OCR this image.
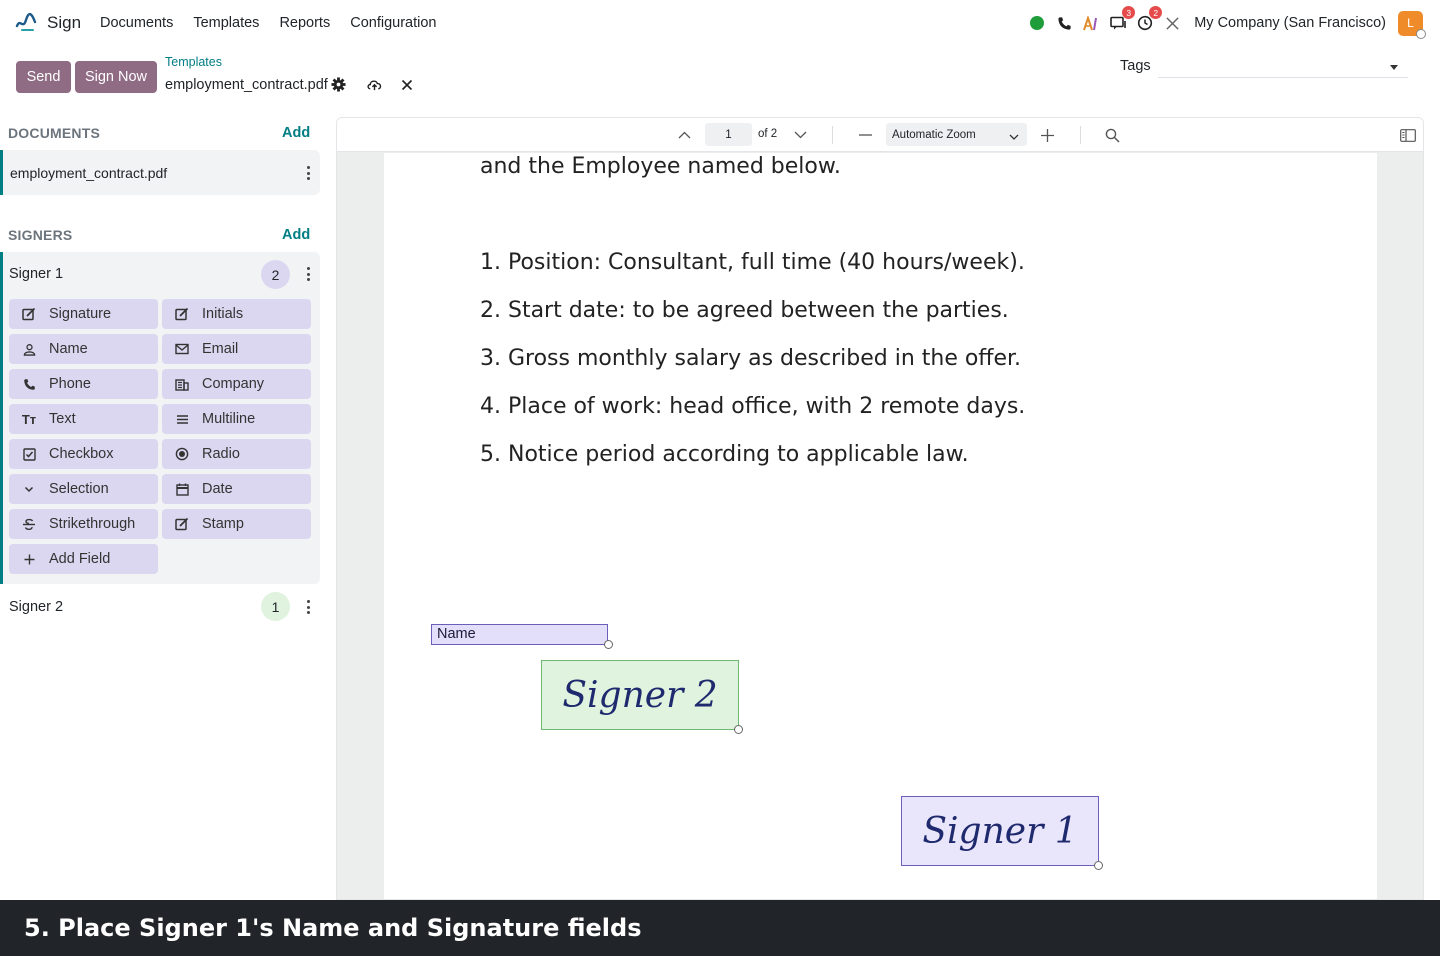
Sign Documents Templates Reports Configuration
3	2
My Company (San Francisco)	L
Send	Sign Now
Templates
employment_contract.pdf
Tags
DOCUMENTS	Add
employment_contract.pdf
SIGNERS	Add
Signer 1	2
Signature	Initials
Name	Email
Phone	Company
Tт Text	Multiline
Checkbox	Radio
Selection	Date
Strikethrough	Stamp
Add Field
Signer 2	1
1	of 2	Automatic Zoom
and the Employee named below.
1. Position: Consultant, full time (40 hours/week).
2. Start date: to be agreed between the parties.
3. Gross monthly salary as described in the offer.
4. Place of work: head office, with 2 remote days.
5. Notice period according to applicable law.
Name
Signer 2
Signer 1
5. Place Signer 1's Name and Signature fields
